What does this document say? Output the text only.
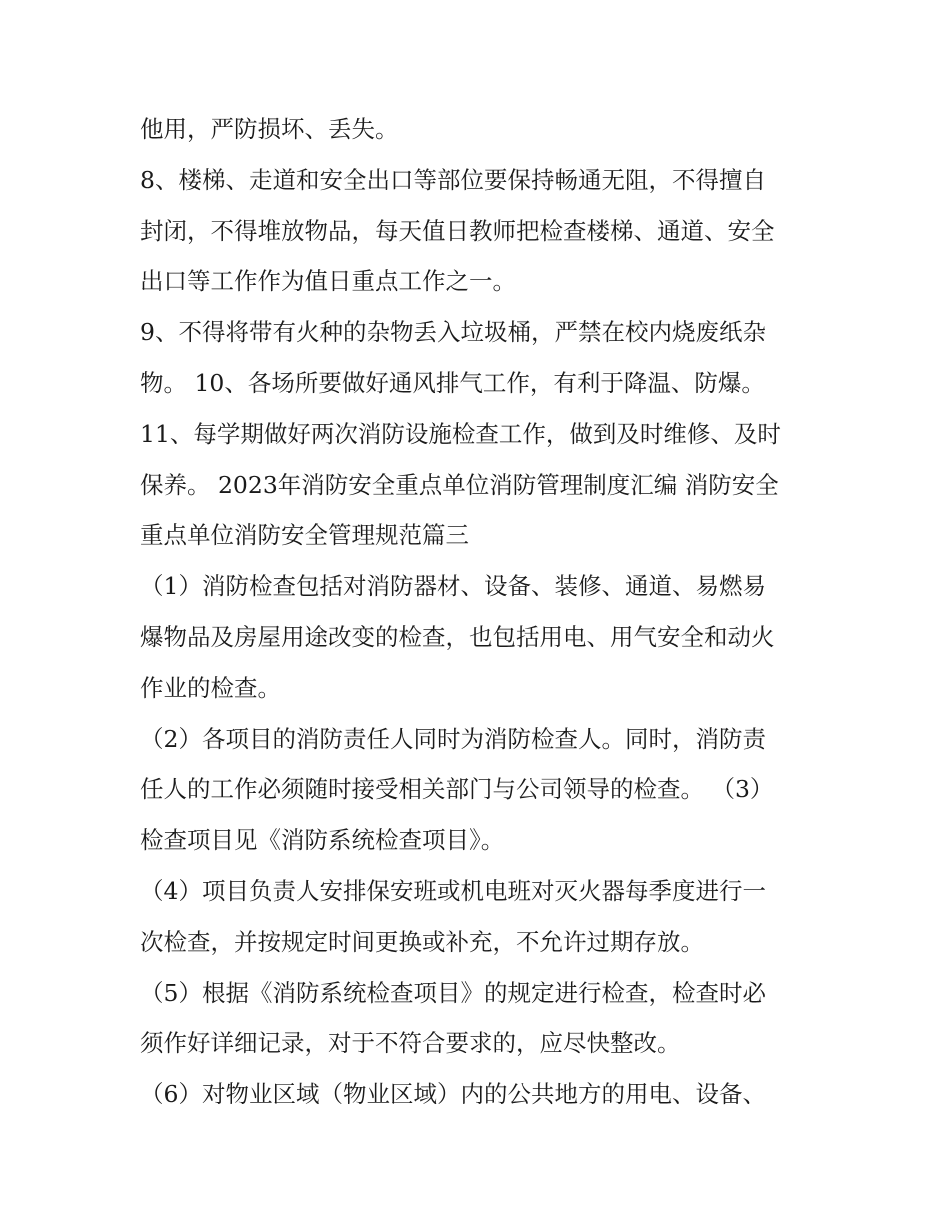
他用，严防损坏、丢失。
8、楼梯、走道和安全出口等部位要保持畅通无阻，不得擅自
封闭，不得堆放物品，每天值日教师把检查楼梯、通道、安全
出口等工作作为值日重点工作之一。
9、不得将带有火种的杂物丢入垃圾桶，严禁在校内烧废纸杂
物。 10、各场所要做好通风排气工作，有利于降温、防爆。
11、每学期做好两次消防设施检查工作，做到及时维修、及时
保养。 2023年消防安全重点单位消防管理制度汇编 消防安全
重点单位消防安全管理规范篇三
（1）消防检查包括对消防器材、设备、装修、通道、易燃易
爆物品及房屋用途改变的检查，也包括用电、用气安全和动火
作业的检查。
（2）各项目的消防责任人同时为消防检查人。同时，消防责
任人的工作必须随时接受相关部门与公司领导的检查。 （3）
检查项目见《消防系统检查项目》。
（4）项目负责人安排保安班或机电班对灭火器每季度进行一
次检查，并按规定时间更换或补充，不允许过期存放。
（5）根据《消防系统检查项目》的规定进行检查，检查时必
须作好详细记录，对于不符合要求的，应尽快整改。
（6）对物业区域（物业区域）内的公共地方的用电、设备、
